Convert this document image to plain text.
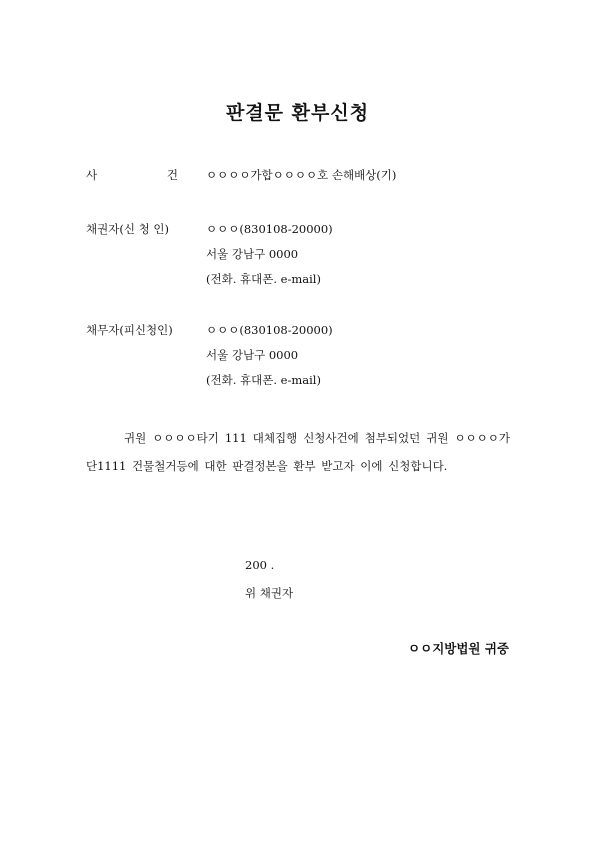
판결문 환부신청
사	건 ㅇㅇㅇㅇ가합ㅇㅇㅇㅇ호 손해배상(기)
채권자(신 청 인)	ㅇㅇㅇ(830108-20000)
서울 강남구 0000
(전화. 휴대폰. e-mail)
채무자(피신청인)	ㅇㅇㅇ(830108-20000)
서울 강남구 0000
(전화. 휴대폰. e-mail)
귀원 ㅇㅇㅇㅇ타기 111 대체집행 신청사건에 첨부되었던 귀원 ㅇㅇㅇㅇ가단1111 건물철거등에 대한 판결정본을 환부 받고자 이에 신청합니다.
200 .
위 채권자
ㅇㅇ지방법원 귀중
